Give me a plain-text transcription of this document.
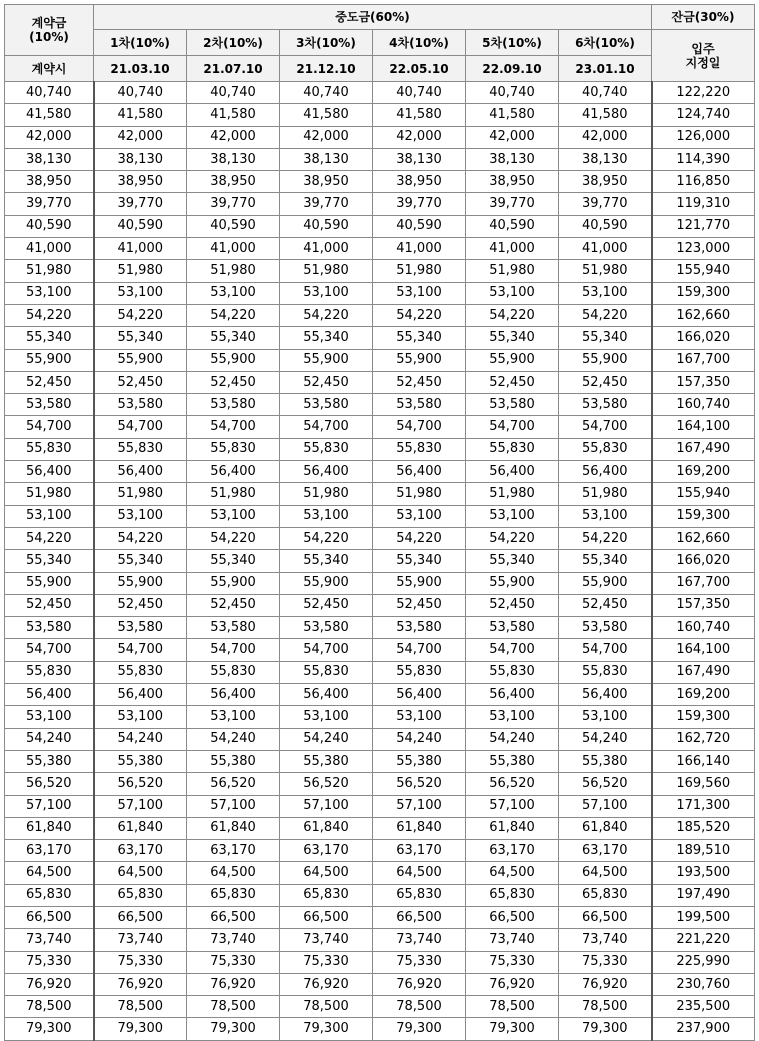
계약금
(10%)	중도금(60%)						잔금(30%)
	1차(10%)	2차(10%)	3차(10%)	4차(10%)	5차(10%)	6차(10%)	입주
지정일
계약시	21.03.10	21.07.10	21.12.10	22.05.10	22.09.10	23.01.10	
40,740	40,740	40,740	40,740	40,740	40,740	40,740	122,220
41,580	41,580	41,580	41,580	41,580	41,580	41,580	124,740
42,000	42,000	42,000	42,000	42,000	42,000	42,000	126,000
38,130	38,130	38,130	38,130	38,130	38,130	38,130	114,390
38,950	38,950	38,950	38,950	38,950	38,950	38,950	116,850
39,770	39,770	39,770	39,770	39,770	39,770	39,770	119,310
40,590	40,590	40,590	40,590	40,590	40,590	40,590	121,770
41,000	41,000	41,000	41,000	41,000	41,000	41,000	123,000
51,980	51,980	51,980	51,980	51,980	51,980	51,980	155,940
53,100	53,100	53,100	53,100	53,100	53,100	53,100	159,300
54,220	54,220	54,220	54,220	54,220	54,220	54,220	162,660
55,340	55,340	55,340	55,340	55,340	55,340	55,340	166,020
55,900	55,900	55,900	55,900	55,900	55,900	55,900	167,700
52,450	52,450	52,450	52,450	52,450	52,450	52,450	157,350
53,580	53,580	53,580	53,580	53,580	53,580	53,580	160,740
54,700	54,700	54,700	54,700	54,700	54,700	54,700	164,100
55,830	55,830	55,830	55,830	55,830	55,830	55,830	167,490
56,400	56,400	56,400	56,400	56,400	56,400	56,400	169,200
51,980	51,980	51,980	51,980	51,980	51,980	51,980	155,940
53,100	53,100	53,100	53,100	53,100	53,100	53,100	159,300
54,220	54,220	54,220	54,220	54,220	54,220	54,220	162,660
55,340	55,340	55,340	55,340	55,340	55,340	55,340	166,020
55,900	55,900	55,900	55,900	55,900	55,900	55,900	167,700
52,450	52,450	52,450	52,450	52,450	52,450	52,450	157,350
53,580	53,580	53,580	53,580	53,580	53,580	53,580	160,740
54,700	54,700	54,700	54,700	54,700	54,700	54,700	164,100
55,830	55,830	55,830	55,830	55,830	55,830	55,830	167,490
56,400	56,400	56,400	56,400	56,400	56,400	56,400	169,200
53,100	53,100	53,100	53,100	53,100	53,100	53,100	159,300
54,240	54,240	54,240	54,240	54,240	54,240	54,240	162,720
55,380	55,380	55,380	55,380	55,380	55,380	55,380	166,140
56,520	56,520	56,520	56,520	56,520	56,520	56,520	169,560
57,100	57,100	57,100	57,100	57,100	57,100	57,100	171,300
61,840	61,840	61,840	61,840	61,840	61,840	61,840	185,520
63,170	63,170	63,170	63,170	63,170	63,170	63,170	189,510
64,500	64,500	64,500	64,500	64,500	64,500	64,500	193,500
65,830	65,830	65,830	65,830	65,830	65,830	65,830	197,490
66,500	66,500	66,500	66,500	66,500	66,500	66,500	199,500
73,740	73,740	73,740	73,740	73,740	73,740	73,740	221,220
75,330	75,330	75,330	75,330	75,330	75,330	75,330	225,990
76,920	76,920	76,920	76,920	76,920	76,920	76,920	230,760
78,500	78,500	78,500	78,500	78,500	78,500	78,500	235,500
79,300	79,300	79,300	79,300	79,300	79,300	79,300	237,900
